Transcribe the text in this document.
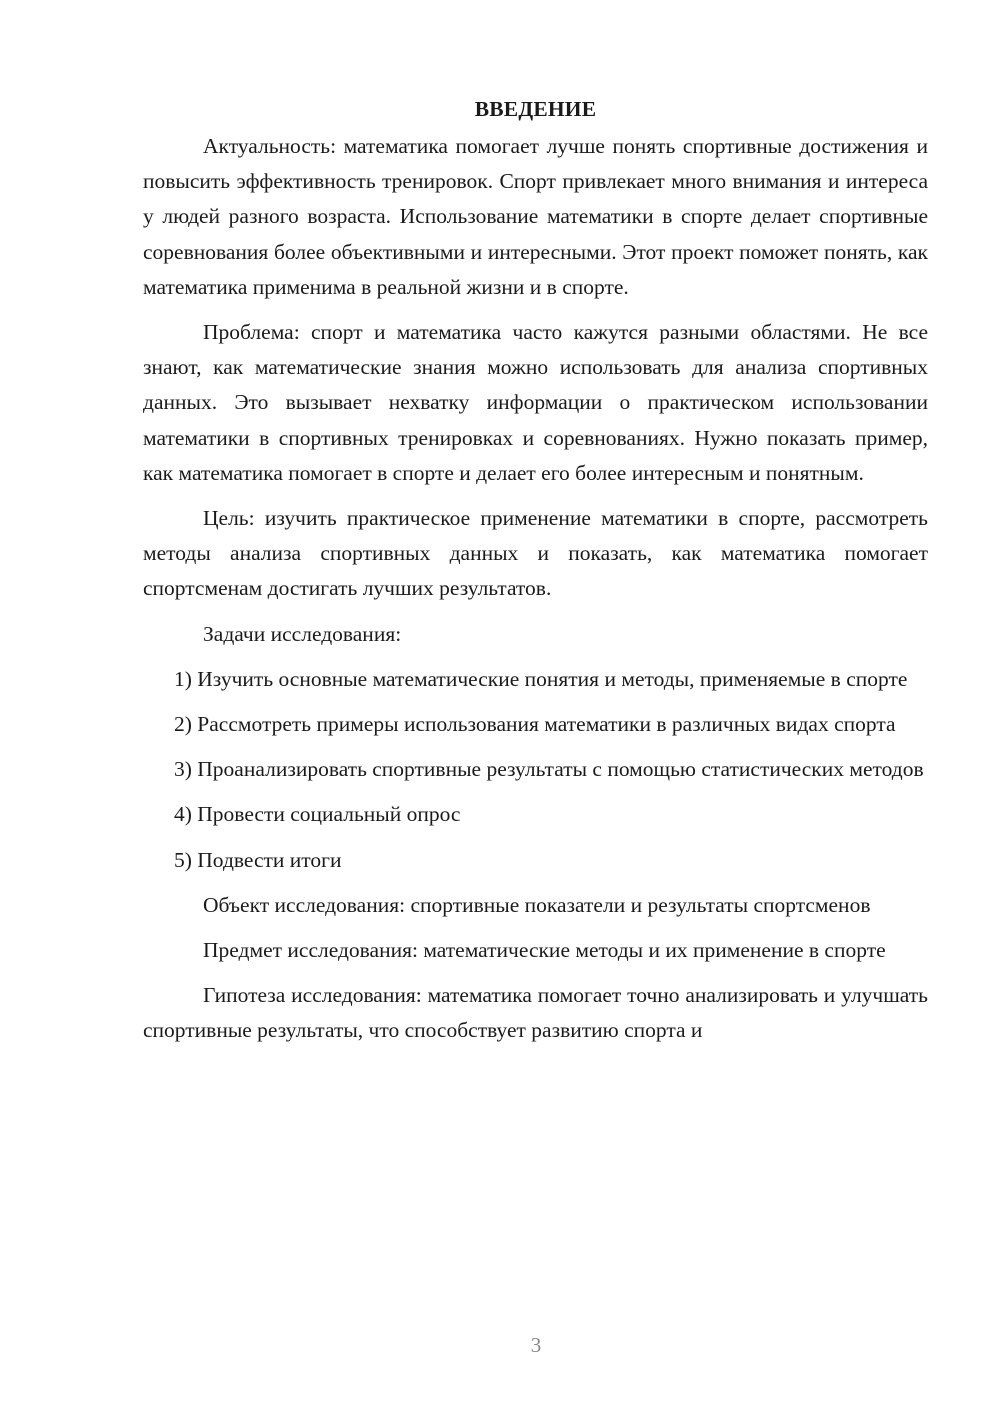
ВВЕДЕНИЕ

Актуальность: математика помогает лучше понять спортивные достижения и повысить эффективность тренировок. Спорт привлекает много внимания и интереса у людей разного возраста. Использование математики в спорте делает спортивные соревнования более объективными и интересными. Этот проект поможет понять, как математика применима в реальной жизни и в спорте.

Проблема: спорт и математика часто кажутся разными областями. Не все знают, как математические знания можно использовать для анализа спортивных данных. Это вызывает нехватку информации о практическом использовании математики в спортивных тренировках и соревнованиях. Нужно показать пример, как математика помогает в спорте и делает его более интересным и понятным.

Цель: изучить практическое применение математики в спорте, рассмотреть методы анализа спортивных данных и показать, как математика помогает спортсменам достигать лучших результатов.

Задачи исследования:

1) Изучить основные математические понятия и методы, применяемые в спорте

2) Рассмотреть примеры использования математики в различных видах спорта

3) Проанализировать спортивные результаты с помощью статистических методов

4) Провести социальный опрос

5) Подвести итоги

Объект исследования: спортивные показатели и результаты спортсменов

Предмет исследования: математические методы и их применение в спорте

Гипотеза исследования: математика помогает точно анализировать и улучшать спортивные результаты, что способствует развитию спорта и

3
